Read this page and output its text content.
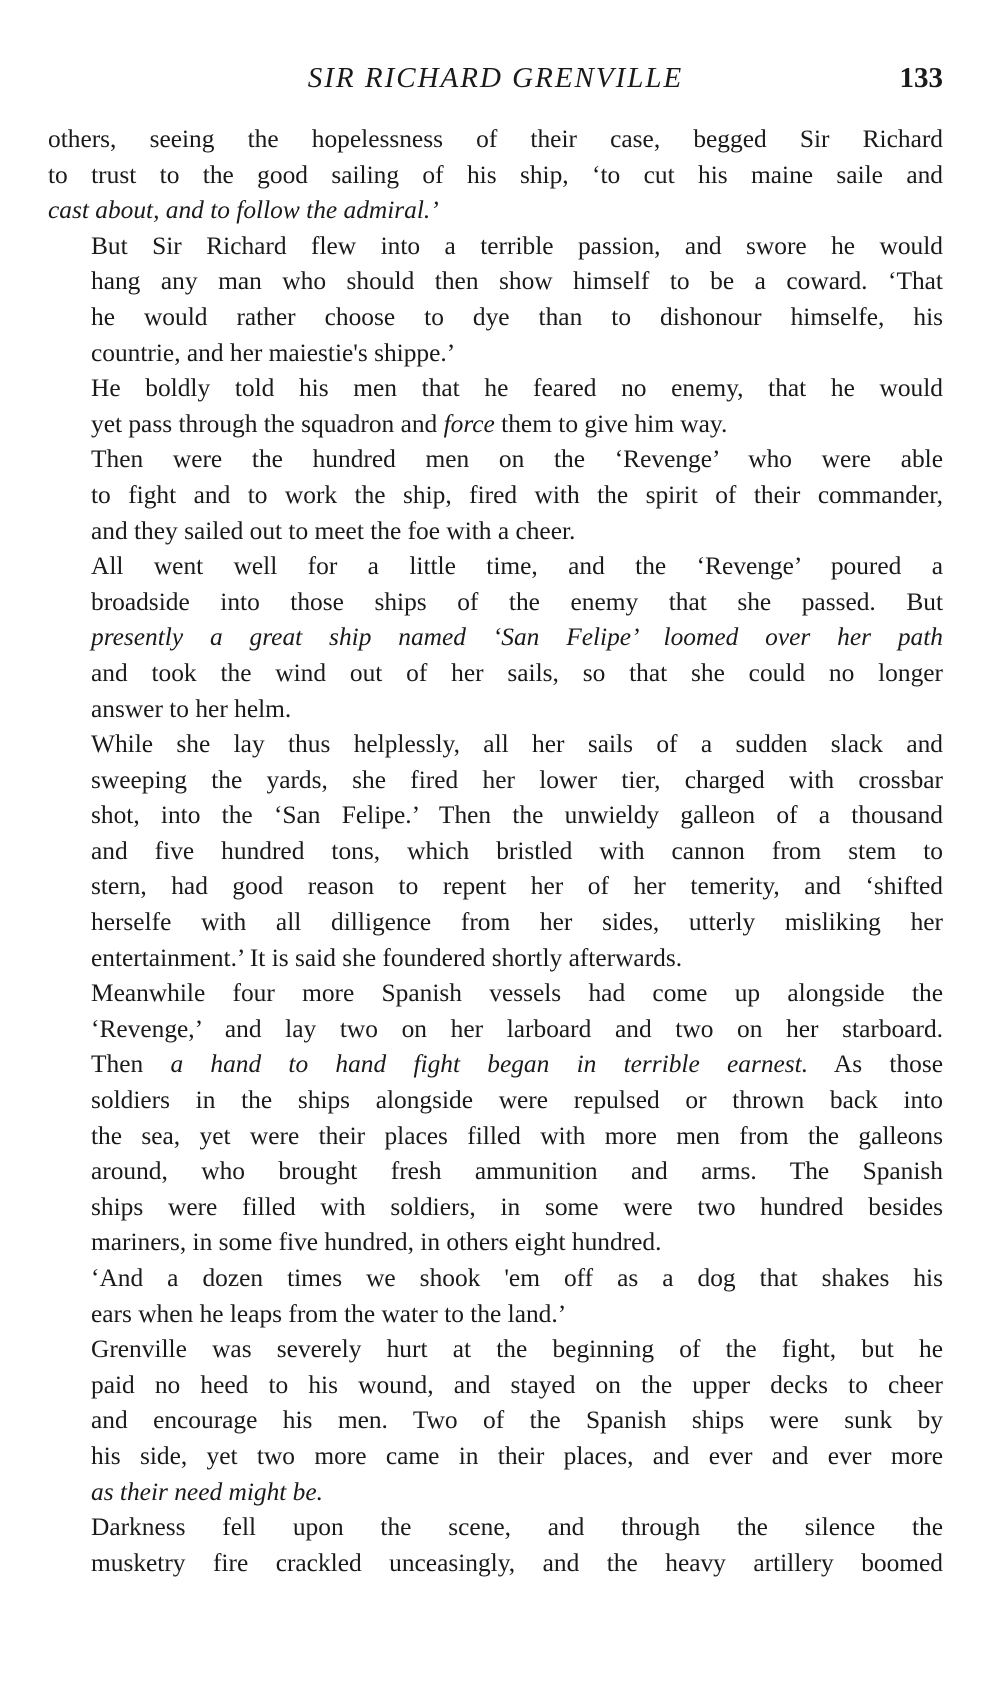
SIR RICHARD GRENVILLE	133

others, seeing the hopelessness of their case, begged Sir Richard
to trust to the good sailing of his ship, ‘to cut his maine saile and
cast about, and to follow the admiral.’

But Sir Richard flew into a terrible passion, and swore he would
hang any man who should then show himself to be a coward. ‘That
he would rather choose to dye than to dishonour himselfe, his
countrie, and her maiestie's shippe.’

He boldly told his men that he feared no enemy, that he would
yet pass through the squadron and force them to give him way.

Then were the hundred men on the ‘Revenge’ who were able
to fight and to work the ship, fired with the spirit of their commander,
and they sailed out to meet the foe with a cheer.

All went well for a little time, and the ‘Revenge’ poured a
broadside into those ships of the enemy that she passed. But
presently a great ship named ‘San Felipe’ loomed over her path
and took the wind out of her sails, so that she could no longer
answer to her helm.

While she lay thus helplessly, all her sails of a sudden slack and
sweeping the yards, she fired her lower tier, charged with crossbar
shot, into the ‘San Felipe.’ Then the unwieldy galleon of a thousand
and five hundred tons, which bristled with cannon from stem to
stern, had good reason to repent her of her temerity, and ‘shifted
herselfe with all dilligence from her sides, utterly misliking her
entertainment.’ It is said she foundered shortly afterwards.

Meanwhile four more Spanish vessels had come up alongside the
‘Revenge,’ and lay two on her larboard and two on her starboard.
Then a hand to hand fight began in terrible earnest. As those
soldiers in the ships alongside were repulsed or thrown back into
the sea, yet were their places filled with more men from the galleons
around, who brought fresh ammunition and arms. The Spanish
ships were filled with soldiers, in some were two hundred besides
mariners, in some five hundred, in others eight hundred.

‘And a dozen times we shook 'em off as a dog that shakes his
ears when he leaps from the water to the land.’

Grenville was severely hurt at the beginning of the fight, but he
paid no heed to his wound, and stayed on the upper decks to cheer
and encourage his men. Two of the Spanish ships were sunk by
his side, yet two more came in their places, and ever and ever more
as their need might be.

Darkness fell upon the scene, and through the silence the
musketry fire crackled unceasingly, and the heavy artillery boomed
